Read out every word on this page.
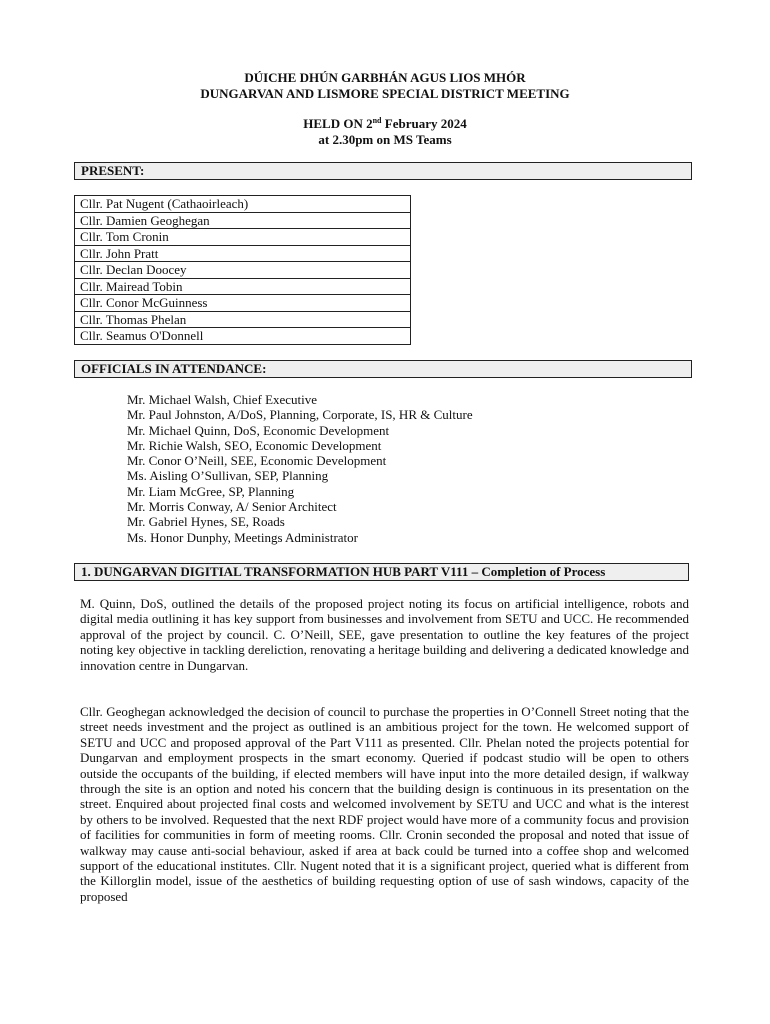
DÚICHE DHÚN GARBHÁN AGUS LIOS MHÓR
DUNGARVAN AND LISMORE SPECIAL DISTRICT MEETING
HELD ON 2nd February 2024
at 2.30pm on MS Teams
PRESENT:
Cllr. Pat Nugent (Cathaoirleach)
Cllr. Damien Geoghegan
Cllr. Tom Cronin
Cllr. John Pratt
Cllr. Declan Doocey
Cllr. Mairead Tobin
Cllr. Conor McGuinness
Cllr. Thomas Phelan
Cllr. Seamus O'Donnell
OFFICIALS IN ATTENDANCE:
Mr. Michael Walsh, Chief Executive
Mr. Paul Johnston, A/DoS, Planning, Corporate, IS, HR & Culture
Mr. Michael Quinn, DoS, Economic Development
Mr. Richie Walsh, SEO, Economic Development
Mr. Conor O’Neill, SEE, Economic Development
Ms. Aisling O’Sullivan, SEP, Planning
Mr. Liam McGree, SP, Planning
Mr. Morris Conway, A/ Senior Architect
Mr. Gabriel Hynes, SE, Roads
Ms. Honor Dunphy, Meetings Administrator
1. DUNGARVAN DIGITIAL TRANSFORMATION HUB PART V111 – Completion of Process

M. Quinn, DoS, outlined the details of the proposed project noting its focus on artificial intelligence, robots and digital media outlining it has key support from businesses and involvement from SETU and UCC. He recommended approval of the project by council. C. O’Neill, SEE, gave presentation to outline the key features of the project noting key objective in tackling dereliction, renovating a heritage building and delivering a dedicated knowledge and innovation centre in Dungarvan.

Cllr. Geoghegan acknowledged the decision of council to purchase the properties in O’Connell Street noting that the street needs investment and the project as outlined is an ambitious project for the town. He welcomed support of SETU and UCC and proposed approval of the Part V111 as presented. Cllr. Phelan noted the projects potential for Dungarvan and employment prospects in the smart economy. Queried if podcast studio will be open to others outside the occupants of the building, if elected members will have input into the more detailed design, if walkway through the site is an option and noted his concern that the building design is continuous in its presentation on the street. Enquired about projected final costs and welcomed involvement by SETU and UCC and what is the interest by others to be involved. Requested that the next RDF project would have more of a community focus and provision of facilities for communities in form of meeting rooms. Cllr. Cronin seconded the proposal and noted that issue of walkway may cause anti-social behaviour, asked if area at back could be turned into a coffee shop and welcomed support of the educational institutes. Cllr. Nugent noted that it is a significant project, queried what is different from the Killorglin model, issue of the aesthetics of building requesting option of use of sash windows, capacity of the proposed
